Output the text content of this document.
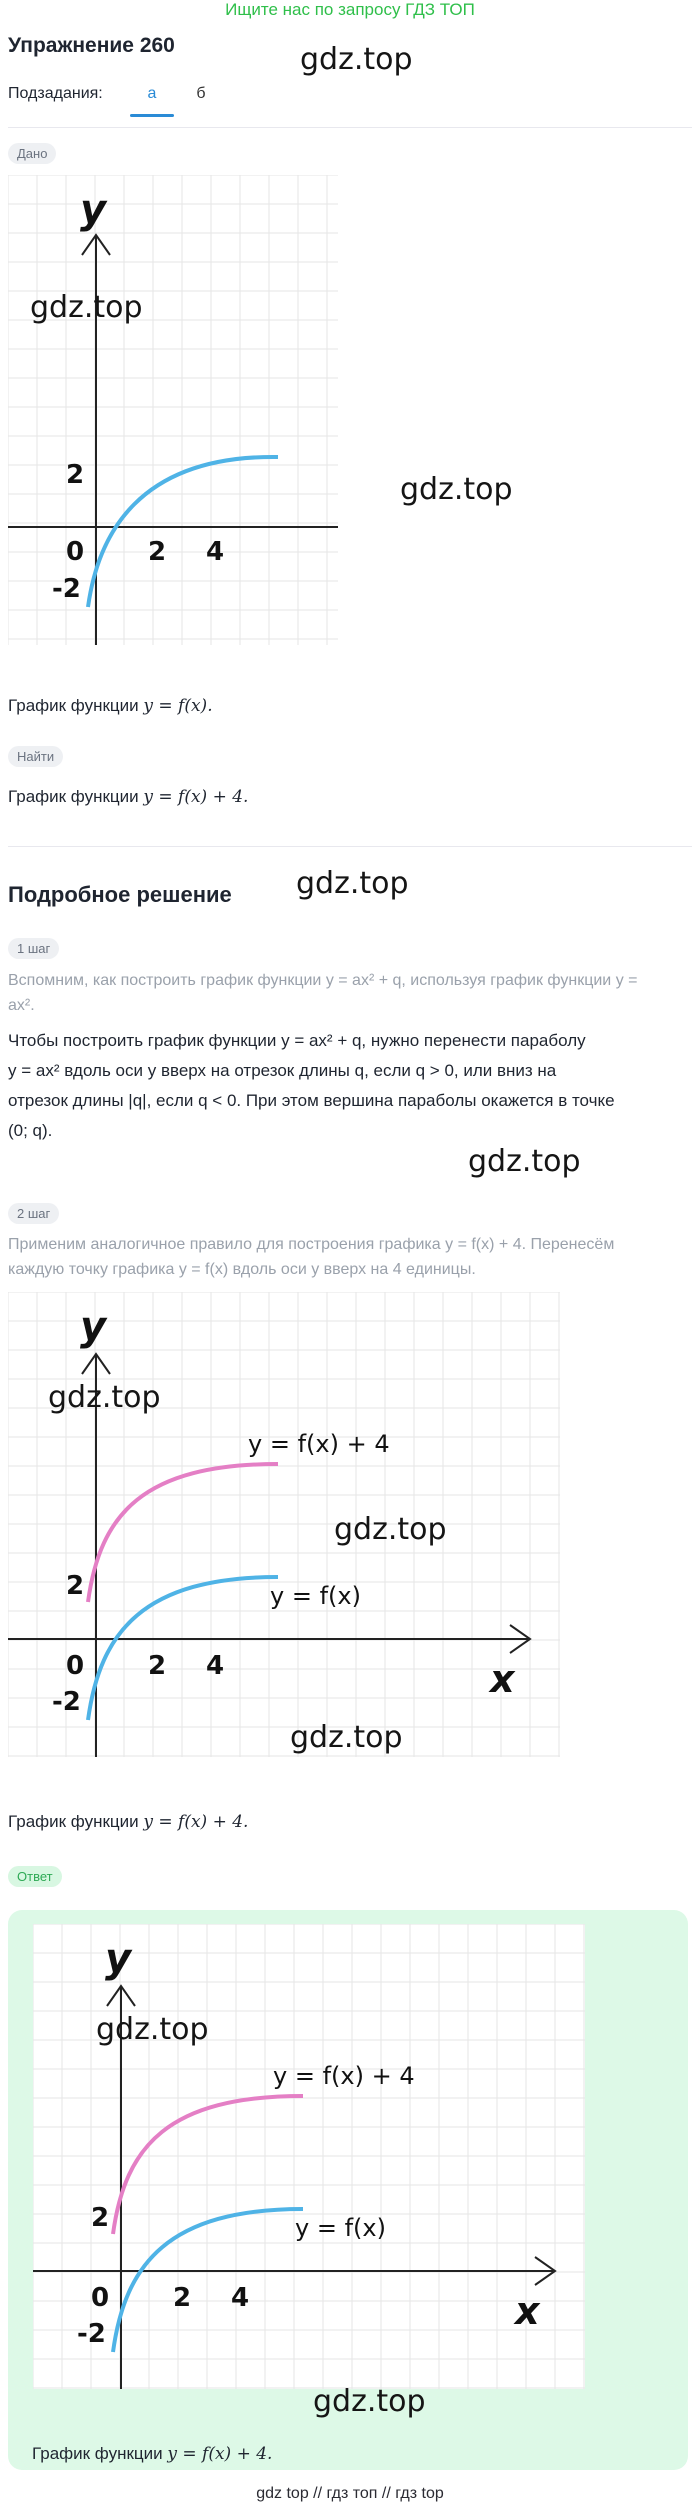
Ищите нас по запросу ГДЗ ТОП
Упражнение 260	gdz.top
Подзадания:	а	б
Дано
y
2
0
-2
2 4
gdz.top
gdz.top
График функции y = f(x).
Найти
График функции y = f(x) + 4.
Подробное решение gdz.top
1 шаг
Вспомним, как построить график функции y = ax² + q, используя график функции y =
ax².
Чтобы построить график функции y = ax² + q, нужно перенести параболу
y = ax² вдоль оси y вверх на отрезок длины q, если q > 0, или вниз на
отрезок длины |q|, если q < 0. При этом вершина параболы окажется в точке
(0; q).
gdz.top
2 шаг
Применим аналогичное правило для построения графика y = f(x) + 4. Перенесём
каждую точку графика y = f(x) вдоль оси y вверх на 4 единицы.
y
x
y = f(x) + 4
y = f(x)
2
0
-2
2 4
gdz.top
gdz.top
gdz.top
График функции y = f(x) + 4.
Ответ
y
x
y = f(x) + 4
y = f(x)
2
0
-2
2 4
gdz.top
gdz.top
График функции y = f(x) + 4.
gdz top // гдз топ // гдз top
